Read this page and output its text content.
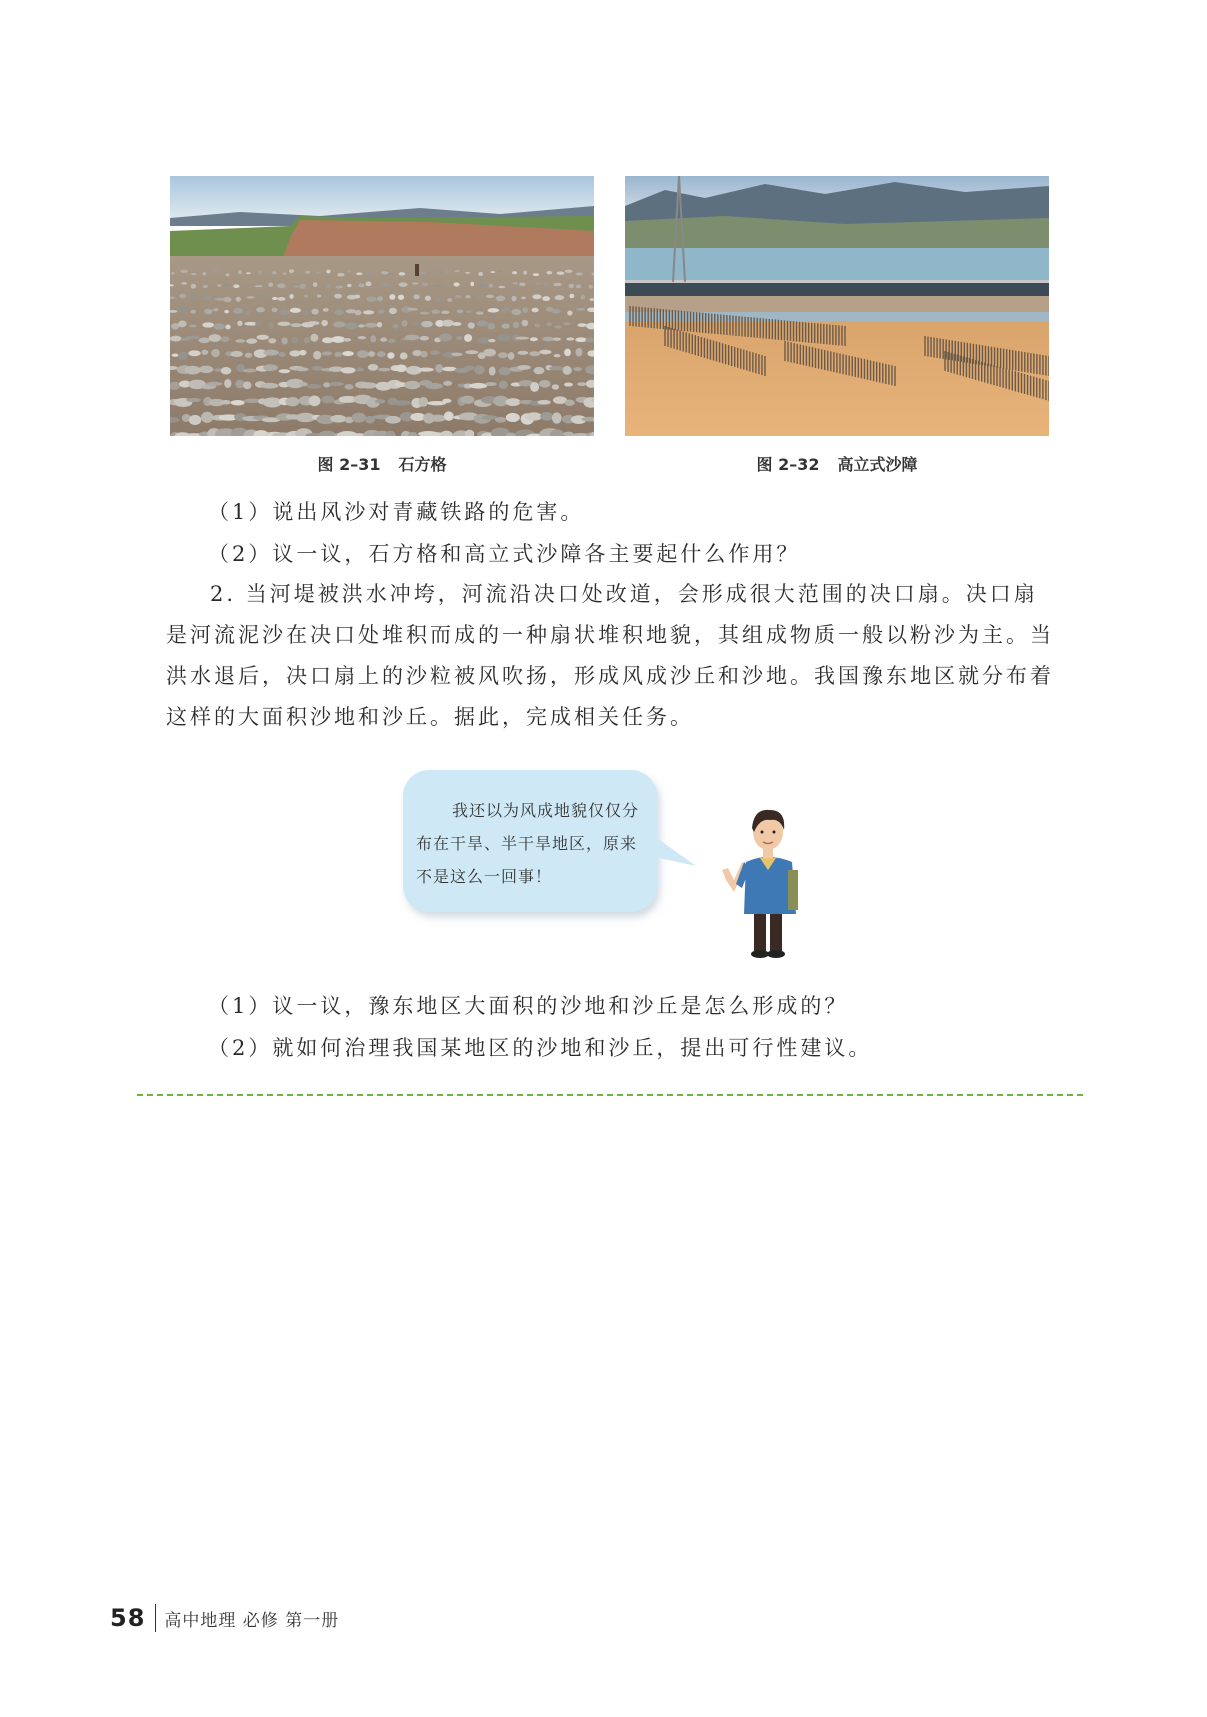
图 2–31 石方格	图 2–32 高立式沙障

（1）说出风沙对青藏铁路的危害。

（2）议一议，石方格和高立式沙障各主要起什么作用？

2. 当河堤被洪水冲垮，河流沿决口处改道，会形成很大范围的决口扇。决口扇是河流泥沙在决口处堆积而成的一种扇状堆积地貌，其组成物质一般以粉沙为主。当洪水退后，决口扇上的沙粒被风吹扬，形成风成沙丘和沙地。我国豫东地区就分布着这样的大面积沙地和沙丘。据此，完成相关任务。

我还以为风成地貌仅仅分布在干旱、半干旱地区，原来不是这么一回事！

（1）议一议，豫东地区大面积的沙地和沙丘是怎么形成的？

（2）就如何治理我国某地区的沙地和沙丘，提出可行性建议。

58 高中地理 必修 第一册
